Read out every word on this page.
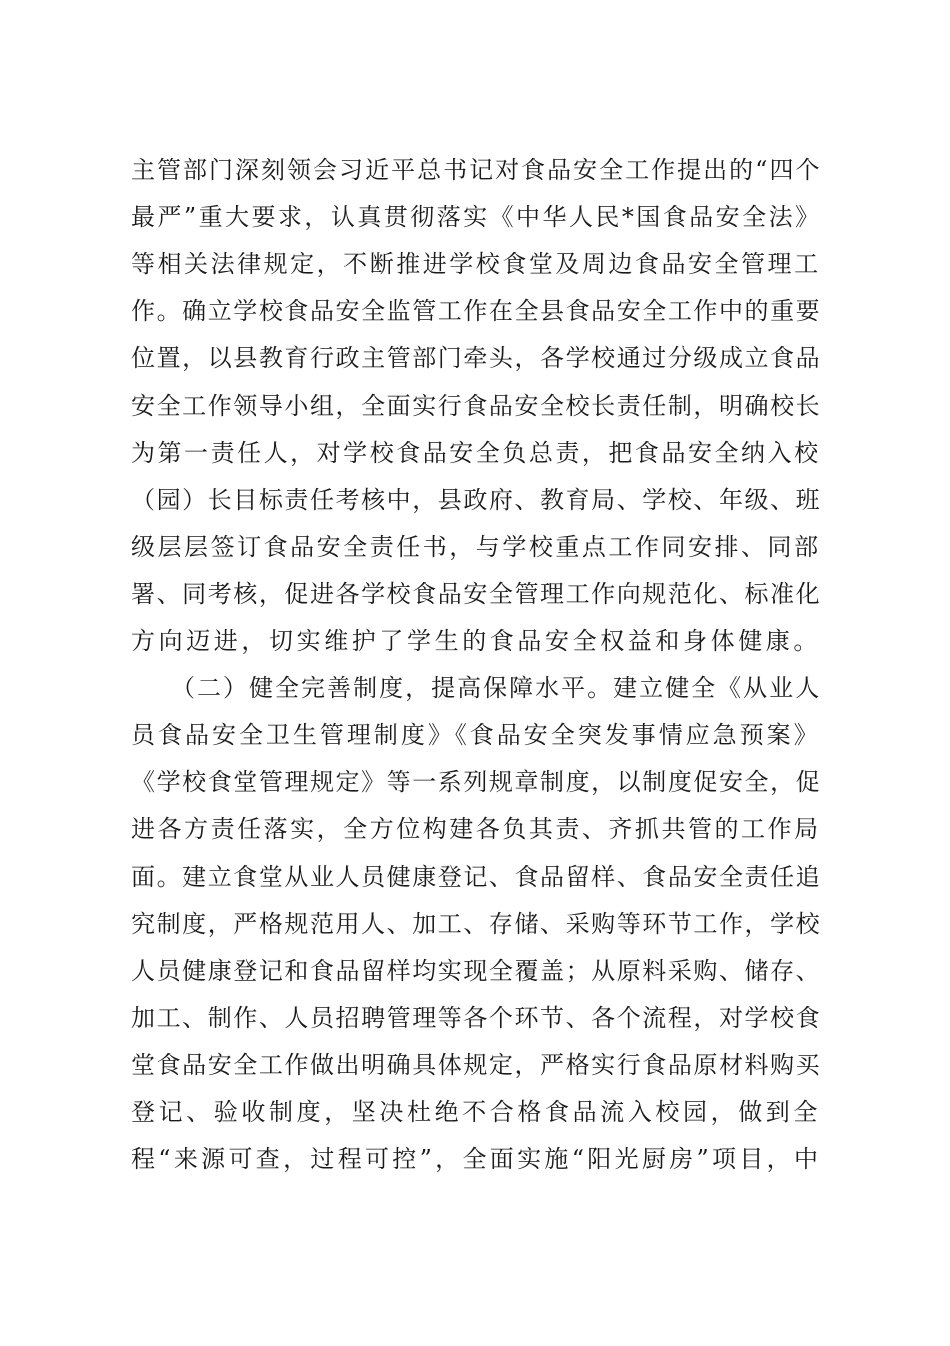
主管部门深刻领会习近平总书记对食品安全工作提出的“四个
最严”重大要求，认真贯彻落实《中华人民*国食品安全法》
等相关法律规定，不断推进学校食堂及周边食品安全管理工
作。确立学校食品安全监管工作在全县食品安全工作中的重要
位置，以县教育行政主管部门牵头，各学校通过分级成立食品
安全工作领导小组，全面实行食品安全校长责任制，明确校长
为第一责任人，对学校食品安全负总责，把食品安全纳入校
（园）长目标责任考核中，县政府、教育局、学校、年级、班
级层层签订食品安全责任书，与学校重点工作同安排、同部
署、同考核，促进各学校食品安全管理工作向规范化、标准化
方向迈进，切实维护了学生的食品安全权益和身体健康。
　　（二）健全完善制度，提高保障水平。建立健全《从业人
员食品安全卫生管理制度》《食品安全突发事情应急预案》
《学校食堂管理规定》等一系列规章制度，以制度促安全，促
进各方责任落实，全方位构建各负其责、齐抓共管的工作局
面。建立食堂从业人员健康登记、食品留样、食品安全责任追
究制度，严格规范用人、加工、存储、采购等环节工作，学校
人员健康登记和食品留样均实现全覆盖；从原料采购、储存、
加工、制作、人员招聘管理等各个环节、各个流程，对学校食
堂食品安全工作做出明确具体规定，严格实行食品原材料购买
登记、验收制度，坚决杜绝不合格食品流入校园，做到全
程“来源可查，过程可控”，全面实施“阳光厨房”项目，中
